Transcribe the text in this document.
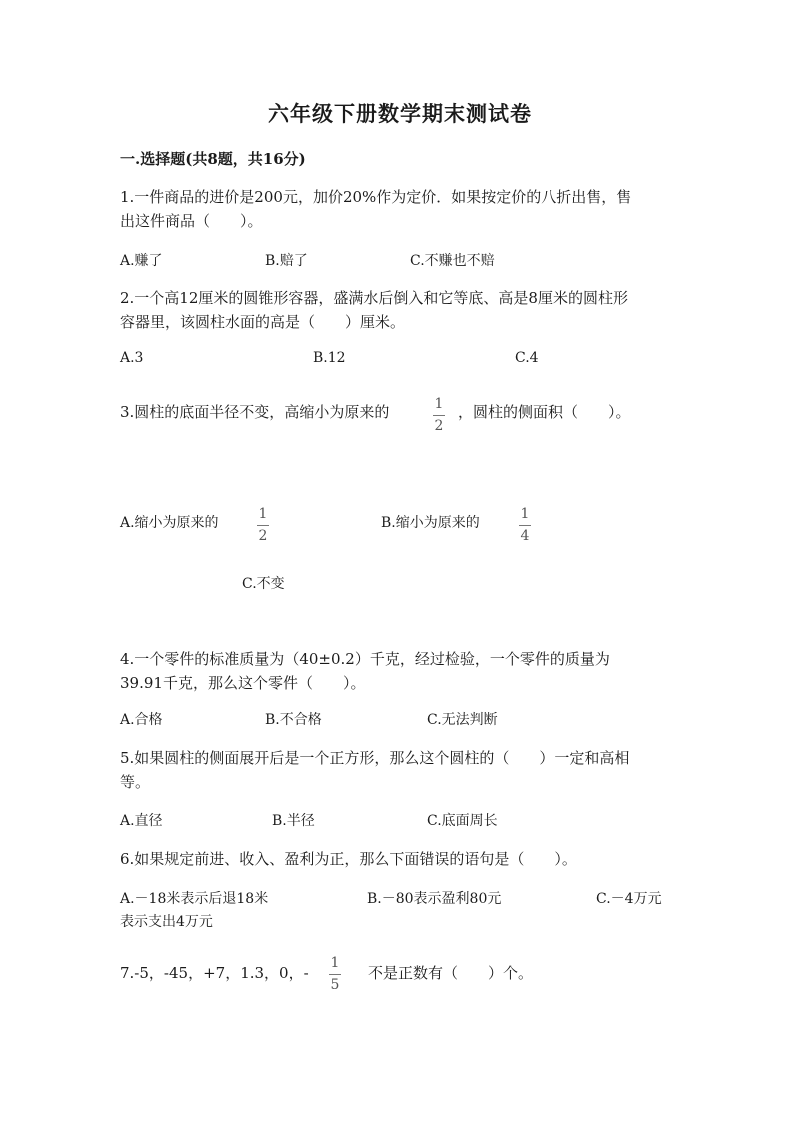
六年级下册数学期末测试卷
一.选择题(共8题，共16分)
1.一件商品的进价是200元，加价20%作为定价．如果按定价的八折出售，售
出这件商品（　　）。
A.赚了	B.赔了	C.不赚也不赔
2.一个高12厘米的圆锥形容器，盛满水后倒入和它等底、高是8厘米的圆柱形
容器里，该圆柱水面的高是（　　）厘米。
A.3	B.12	C.4
3.圆柱的底面半径不变，高缩小为原来的	1
2
，圆柱的侧面积（　　）。
A.缩小为原来的
1
2
B.缩小为原来的
1
4
C.不变
4.一个零件的标准质量为（40±0.2）千克，经过检验，一个零件的质量为
39.91千克，那么这个零件（　　）。
A.合格	B.不合格	C.无法判断
5.如果圆柱的侧面展开后是一个正方形，那么这个圆柱的（　　）一定和高相
等。
A.直径	B.半径	C.底面周长
6.如果规定前进、收入、盈利为正，那么下面错误的语句是（　　）。
A.－18米表示后退18米	B.－80表示盈利80元	C.－4万元
表示支出4万元
7.-5，-45，+7，1.3，0，-
1
5
不是正数有（　　）个。
